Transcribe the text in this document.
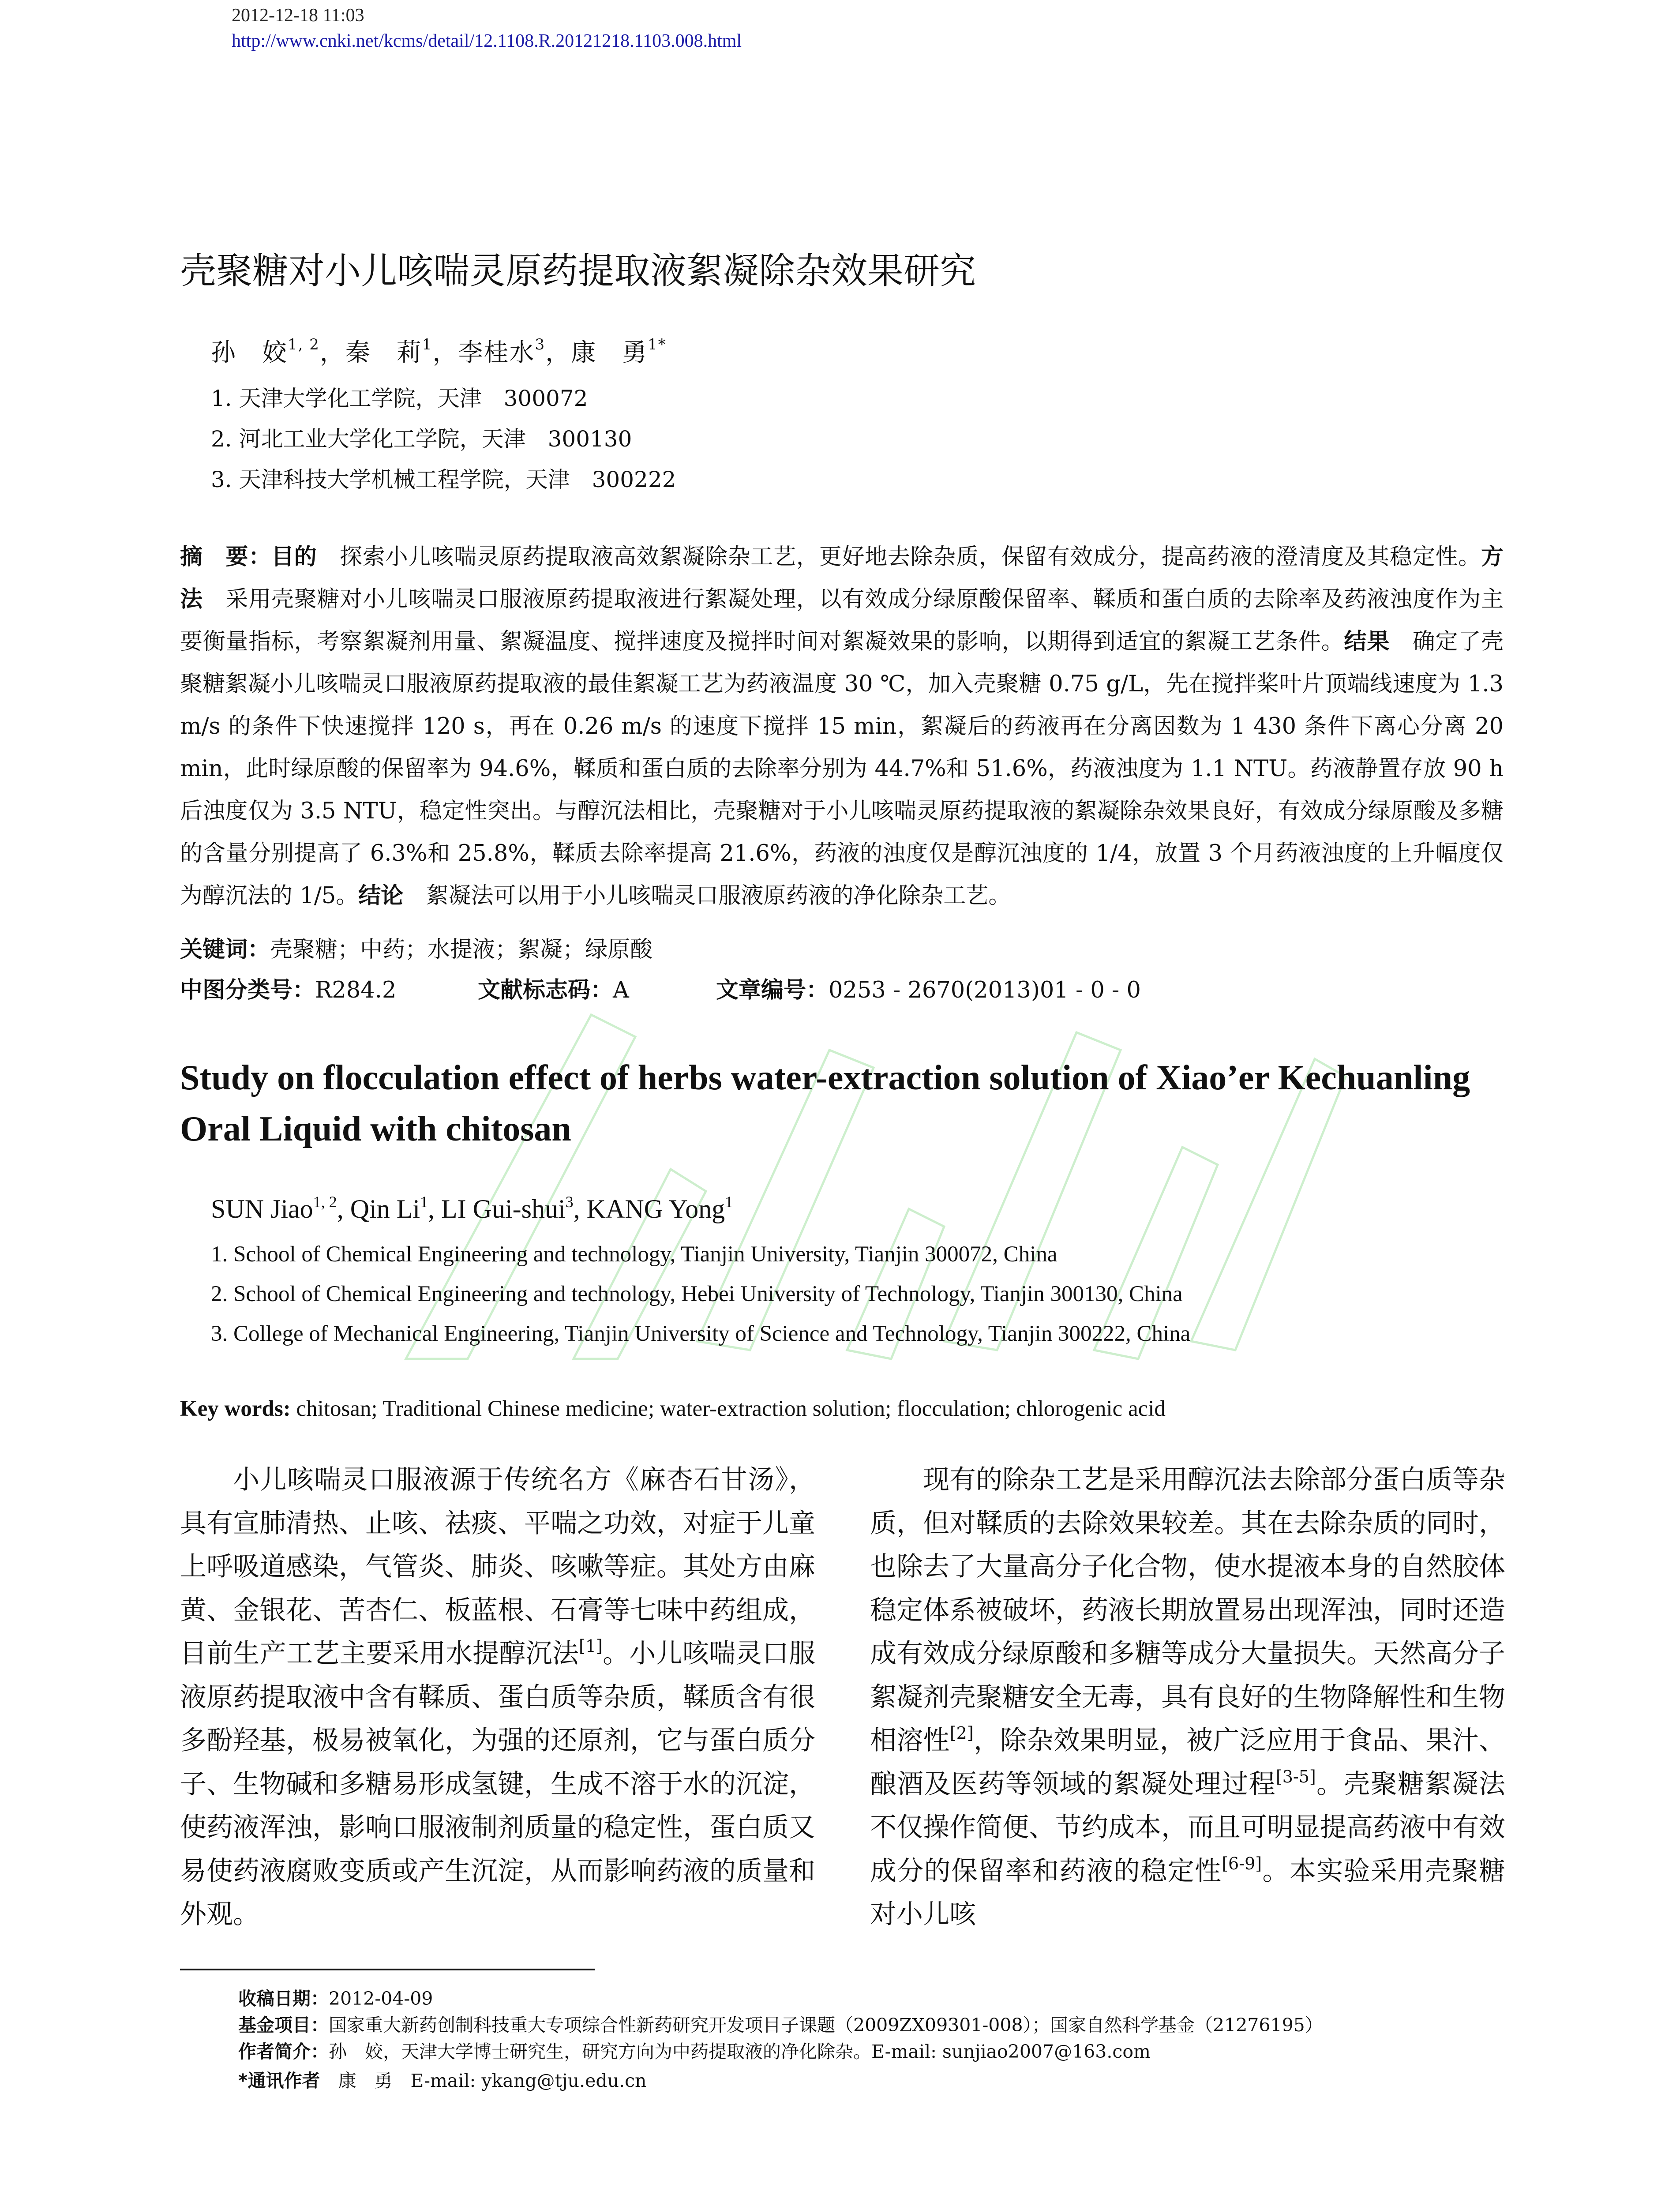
2012-12-18 11:03
http://www.cnki.net/kcms/detail/12.1108.R.20121218.1103.008.html
壳聚糖对小儿咳喘灵原药提取液絮凝除杂效果研究
孙　姣$^{1, 2}$，秦　莉$^1$，李桂水$^3$，康　勇$^{1*}$
1. 天津大学化工学院，天津　300072
2. 河北工业大学化工学院，天津　300130
3. 天津科技大学机械工程学院，天津　300222
摘　要：目的　探索小儿咳喘灵原药提取液高效絮凝除杂工艺，更好地去除杂质，保留有效成分，提高药液的澄清度及其稳定性。方法　采用壳聚糖对小儿咳喘灵口服液原药提取液进行絮凝处理，以有效成分绿原酸保留率、鞣质和蛋白质的去除率及药液浊度作为主要衡量指标，考察絮凝剂用量、絮凝温度、搅拌速度及搅拌时间对絮凝效果的影响，以期得到适宜的絮凝工艺条件。结果　确定了壳聚糖絮凝小儿咳喘灵口服液原药提取液的最佳絮凝工艺为药液温度 30 ℃，加入壳聚糖 0.75 g/L，先在搅拌桨叶片顶端线速度为 1.3 m/s 的条件下快速搅拌 120 s，再在 0.26 m/s 的速度下搅拌 15 min，絮凝后的药液再在分离因数为 1 430 条件下离心分离 20 min，此时绿原酸的保留率为 94.6%，鞣质和蛋白质的去除率分别为 44.7%和 51.6%，药液浊度为 1.1 NTU。药液静置存放 90 h 后浊度仅为 3.5 NTU，稳定性突出。与醇沉法相比，壳聚糖对于小儿咳喘灵原药提取液的絮凝除杂效果良好，有效成分绿原酸及多糖的含量分别提高了 6.3%和 25.8%，鞣质去除率提高 21.6%，药液的浊度仅是醇沉浊度的 1/4，放置 3 个月药液浊度的上升幅度仅为醇沉法的 1/5。结论　絮凝法可以用于小儿咳喘灵口服液原药液的净化除杂工艺。
关键词：壳聚糖；中药；水提液；絮凝；绿原酸
中图分类号：R284.2	文献标志码：A	文章编号：0253 - 2670(2013)01 - 0 - 0
Study on flocculation effect of herbs water-extraction solution of Xiao’er Kechuanling Oral Liquid with chitosan
SUN Jiao$^{1, 2}$, Qin Li$^1$, LI Gui-shui$^3$, KANG Yong$^1$
1. School of Chemical Engineering and technology, Tianjin University, Tianjin 300072, China
2. School of Chemical Engineering and technology, Hebei University of Technology, Tianjin 300130, China
3. College of Mechanical Engineering, Tianjin University of Science and Technology, Tianjin 300222, China
Key words: chitosan; Traditional Chinese medicine; water-extraction solution; flocculation; chlorogenic acid

小儿咳喘灵口服液源于传统名方《麻杏石甘汤》，具有宣肺清热、止咳、祛痰、平喘之功效，对症于儿童上呼吸道感染，气管炎、肺炎、咳嗽等症。其处方由麻黄、金银花、苦杏仁、板蓝根、石膏等七味中药组成，目前生产工艺主要采用水提醇沉法[1]。小儿咳喘灵口服液原药提取液中含有鞣质、蛋白质等杂质，鞣质含有很多酚羟基，极易被氧化，为强的还原剂，它与蛋白质分子、生物碱和多糖易形成氢键，生成不溶于水的沉淀，使药液浑浊，影响口服液制剂质量的稳定性，蛋白质又易使药液腐败变质或产生沉淀，从而影响药液的质量和外观。

现有的除杂工艺是采用醇沉法去除部分蛋白质等杂质，但对鞣质的去除效果较差。其在去除杂质的同时，也除去了大量高分子化合物，使水提液本身的自然胶体稳定体系被破坏，药液长期放置易出现浑浊，同时还造成有效成分绿原酸和多糖等成分大量损失。天然高分子絮凝剂壳聚糖安全无毒，具有良好的生物降解性和生物相溶性[2]，除杂效果明显，被广泛应用于食品、果汁、酿酒及医药等领域的絮凝处理过程[3-5]。壳聚糖絮凝法不仅操作简便、节约成本，而且可明显提高药液中有效成分的保留率和药液的稳定性[6-9]。本实验采用壳聚糖对小儿咳

收稿日期：2012-04-09
基金项目：国家重大新药创制科技重大专项综合性新药研究开发项目子课题（2009ZX09301-008）；国家自然科学基金（21276195）
作者简介：孙　姣，天津大学博士研究生，研究方向为中药提取液的净化除杂。E-mail: sunjiao2007@163.com
*通讯作者　康　勇　E-mail: ykang@tju.edu.cn
